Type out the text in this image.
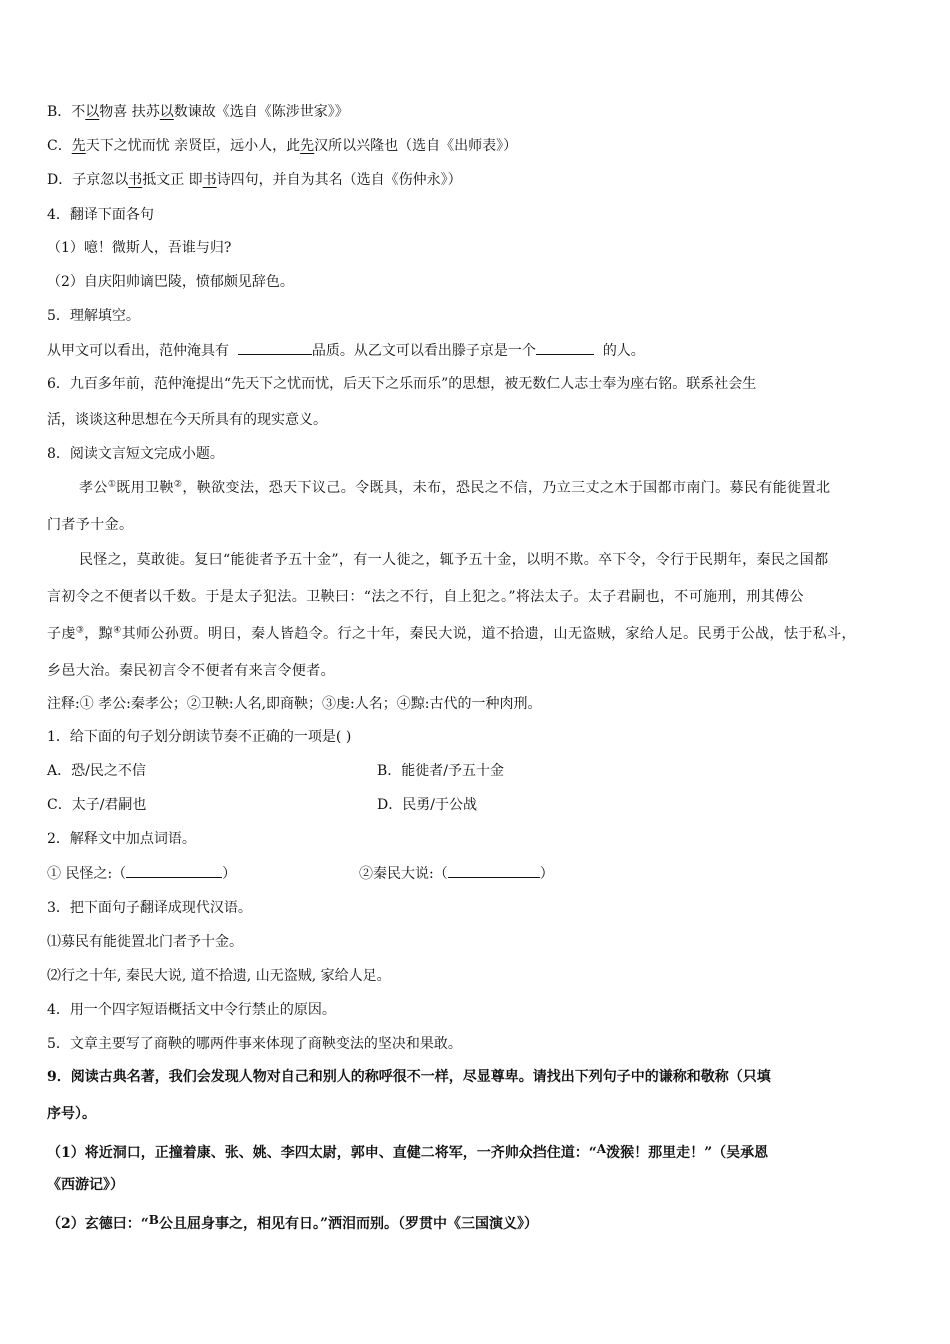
B．不以物喜 扶苏以数谏故《选自《陈涉世家》》
C．先天下之忧而忧 亲贤臣，远小人，此先汉所以兴隆也（选自《出师表》）
D．子京忽以书抵文正 即书诗四句，并自为其名（选自《伤仲永》）
4．翻译下面各句
（1）噫！微斯人，吾谁与归?
（2）自庆阳帅谪巴陵，愤郁颇见辞色。
5．理解填空。
从甲文可以看出，范仲淹具有	品质。从乙文可以看出滕子京是一个	的人。
6．九百多年前，范仲淹提出“先天下之忧而忧，后天下之乐而乐”的思想，被无数仁人志士奉为座右铭。联系社会生
活，谈谈这种思想在今天所具有的现实意义。
8．阅读文言短文完成小题。
孝公①既用卫鞅②，鞅欲变法，恐天下议己。令既具，未布，恐民之不信，乃立三丈之木于国都市南门。募民有能徙置北
门者予十金。
民怪之，莫敢徙。复曰“能徙者予五十金”，有一人徙之，辄予五十金，以明不欺。卒下令，令行于民期年，秦民之国都
言初令之不便者以千数。于是太子犯法。卫鞅曰：“法之不行，自上犯之。”将法太子。太子君嗣也，不可施刑，刑其傅公
子虔③，黥④其师公孙贾。明日，秦人皆趋令。行之十年，秦民大说，道不拾遗，山无盗贼，家给人足。民勇于公战，怯于私斗，
乡邑大治。秦民初言令不便者有来言令便者。
注释:① 孝公:秦孝公；②卫鞅:人名,即商鞅；③虔:人名；④黥:古代的一种肉刑。
1．给下面的句子划分朗读节奏不正确的一项是( )
A．恐/民之不信	B．能徙者/予五十金
C．太子/君嗣也	D．民勇/于公战
2．解释文中加点词语。
① 民怪之:（	）	②秦民大说:（	）
3．把下面句子翻译成现代汉语。
⑴募民有能徙置北门者予十金。
⑵行之十年, 秦民大说, 道不拾遗, 山无盗贼, 家给人足。
4．用一个四字短语概括文中令行禁止的原因。
5．文章主要写了商鞅的哪两件事来体现了商鞅变法的坚决和果敢。
9．阅读古典名著，我们会发现人物对自己和别人的称呼很不一样，尽显尊卑。请找出下列句子中的谦称和敬称（只填
序号）。
（1）将近洞口，正撞着康、张、姚、李四太尉，郭申、直健二将军，一齐帅众挡住道：“A泼猴！那里走！”（吴承恩
《西游记》）
（2）玄德曰：“B公且屈身事之，相见有日。”洒泪而别。（罗贯中《三国演义》）
